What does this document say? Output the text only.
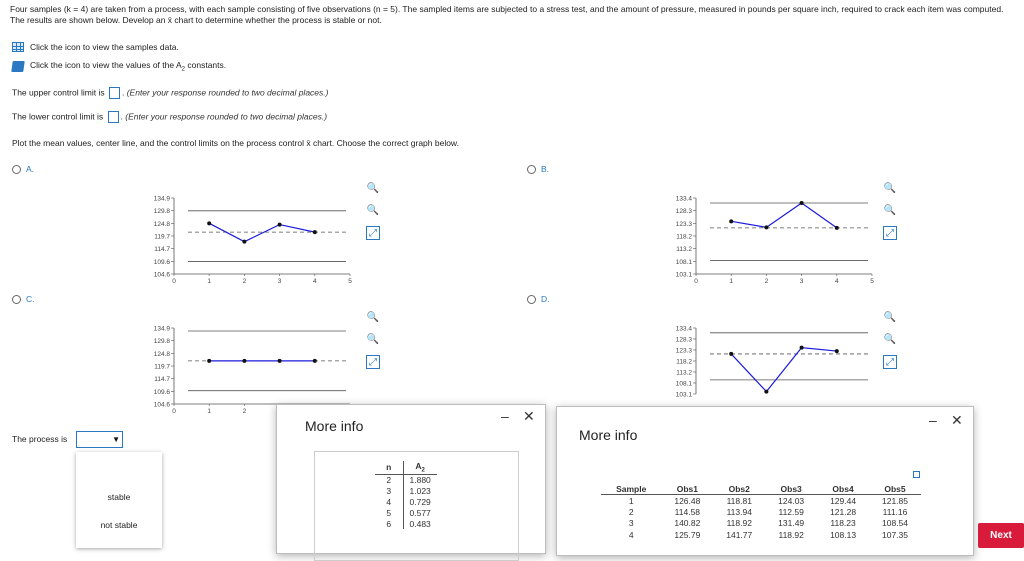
Four samples (k = 4) are taken from a process, with each sample consisting of five observations (n = 5). The sampled items are subjected to a stress test, and the amount of pressure, measured in pounds per square inch, required to crack each item was computed. The results are shown below. Develop an x̄ chart to determine whether the process is stable or not.
Click the icon to view the samples data.
Click the icon to view the values of the $A_2$ constants.
The upper control limit is . (Enter your response rounded to two decimal places.)
The lower control limit is . (Enter your response rounded to two decimal places.)
Plot the mean values, center line, and the control limits on the process control x̄ chart. Choose the correct graph below.
A.	B.
C.	D.
134.9
129.8
124.8
119.7
114.7
109.6
104.6
0	1	2	3	4	5
133.4
128.3
123.3
118.2
113.2
108.1
103.1
0	1	2	3	4	5
134.9
129.8
124.8
119.7
114.7
109.6
104.6
0	1	2
133.4
128.3
123.3
118.2
113.2
108.1
103.1
🔍
🔍
⤢
🔍
🔍
⤢
🔍
🔍
⤢
🔍
🔍
⤢
The process is	▼
stable
not stable
More info
– ✕
n	$A_2$
2	1.880
3	1.023
4	0.729
5	0.577
6	0.483
More info
– ✕
Sample	Obs1	Obs2	Obs3	Obs4	Obs5
1	126.48	118.81	124.03	129.44	121.85
2	114.58	113.94	112.59	121.28	111.16
3	140.82	118.92	131.49	118.23	108.54
4	125.79	141.77	118.92	108.13	107.35	Next
